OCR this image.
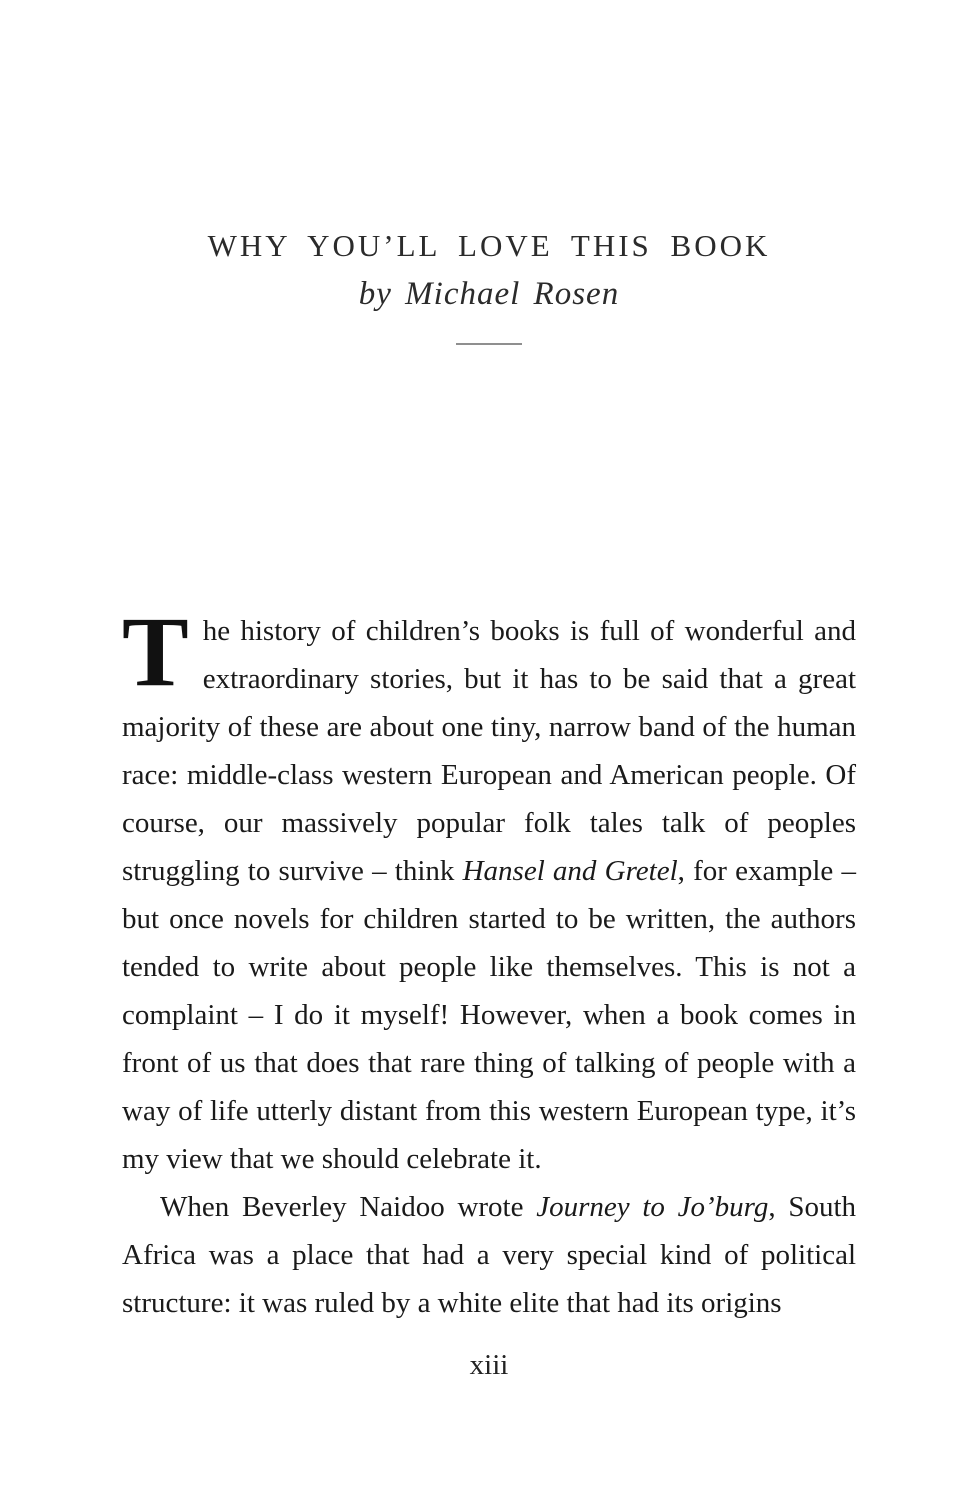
WHY YOU’LL LOVE THIS BOOK
by Michael Rosen

The history of children’s books is full of wonderful and extraordinary stories, but it has to be said that a great majority of these are about one tiny, narrow band of the human race: middle-class western European and American people. Of course, our massively popular folk tales talk of peoples struggling to survive – think Hansel and Gretel, for example – but once novels for children started to be written, the authors tended to write about people like themselves. This is not a complaint – I do it myself! However, when a book comes in front of us that does that rare thing of talking of people with a way of life utterly distant from this western European type, it’s my view that we should celebrate it.

When Beverley Naidoo wrote Journey to Jo’burg, South Africa was a place that had a very special kind of political structure: it was ruled by a white elite that had its origins

xiii
